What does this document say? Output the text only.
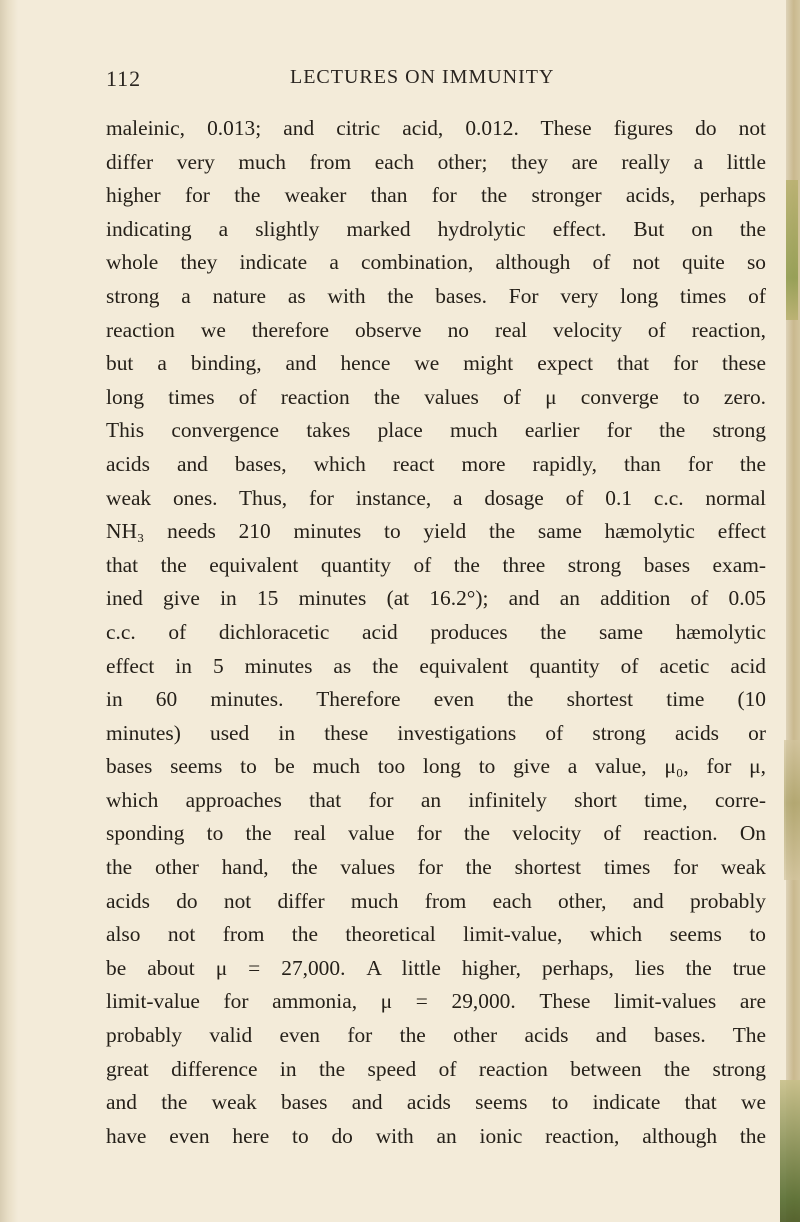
112	LECTURES ON IMMUNITY
maleinic, 0.013; and citric acid, 0.012. These figures do not
differ very much from each other; they are really a little
higher for the weaker than for the stronger acids, perhaps
indicating a slightly marked hydrolytic effect. But on the
whole they indicate a combination, although of not quite so
strong a nature as with the bases. For very long times of
reaction we therefore observe no real velocity of reaction,
but a binding, and hence we might expect that for these
long times of reaction the values of μ converge to zero.
This convergence takes place much earlier for the strong
acids and bases, which react more rapidly, than for the
weak ones. Thus, for instance, a dosage of 0.1 c.c. normal
NH₃ needs 210 minutes to yield the same hæmolytic effect
that the equivalent quantity of the three strong bases exam-
ined give in 15 minutes (at 16.2°); and an addition of 0.05
c.c. of dichloracetic acid produces the same hæmolytic
effect in 5 minutes as the equivalent quantity of acetic acid
in 60 minutes. Therefore even the shortest time (10
minutes) used in these investigations of strong acids or
bases seems to be much too long to give a value, μ₀, for μ,
which approaches that for an infinitely short time, corre-
sponding to the real value for the velocity of reaction. On
the other hand, the values for the shortest times for weak
acids do not differ much from each other, and probably
also not from the theoretical limit-value, which seems to
be about μ = 27,000. A little higher, perhaps, lies the true
limit-value for ammonia, μ = 29,000. These limit-values are
probably valid even for the other acids and bases. The
great difference in the speed of reaction between the strong
and the weak bases and acids seems to indicate that we
have even here to do with an ionic reaction, although the
